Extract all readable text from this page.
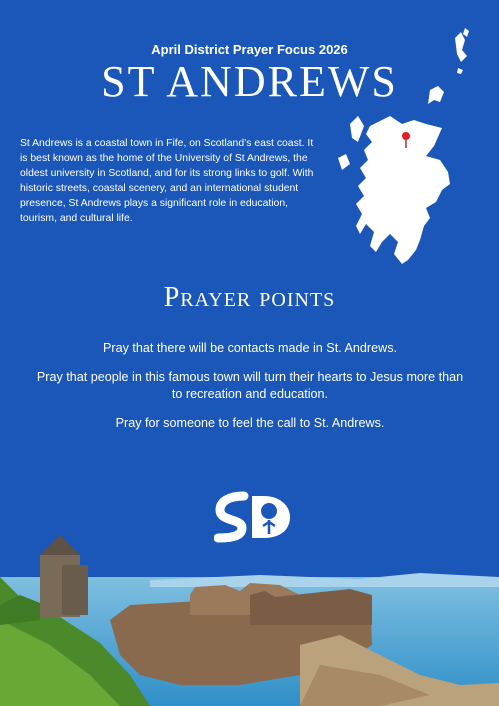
April District Prayer Focus 2026
ST ANDREWS
St Andrews is a coastal town in Fife, on Scotland’s east coast. It is best known as the home of the University of St Andrews, the oldest university in Scotland, and for its strong links to golf. With historic streets, coastal scenery, and an international student presence, St Andrews plays a significant role in education, tourism, and cultural life.
Prayer points

Pray that there will be contacts made in St. Andrews.

Pray that people in this famous town will turn their hearts to Jesus more than to recreation and education.

Pray for someone to feel the call to St. Andrews.
